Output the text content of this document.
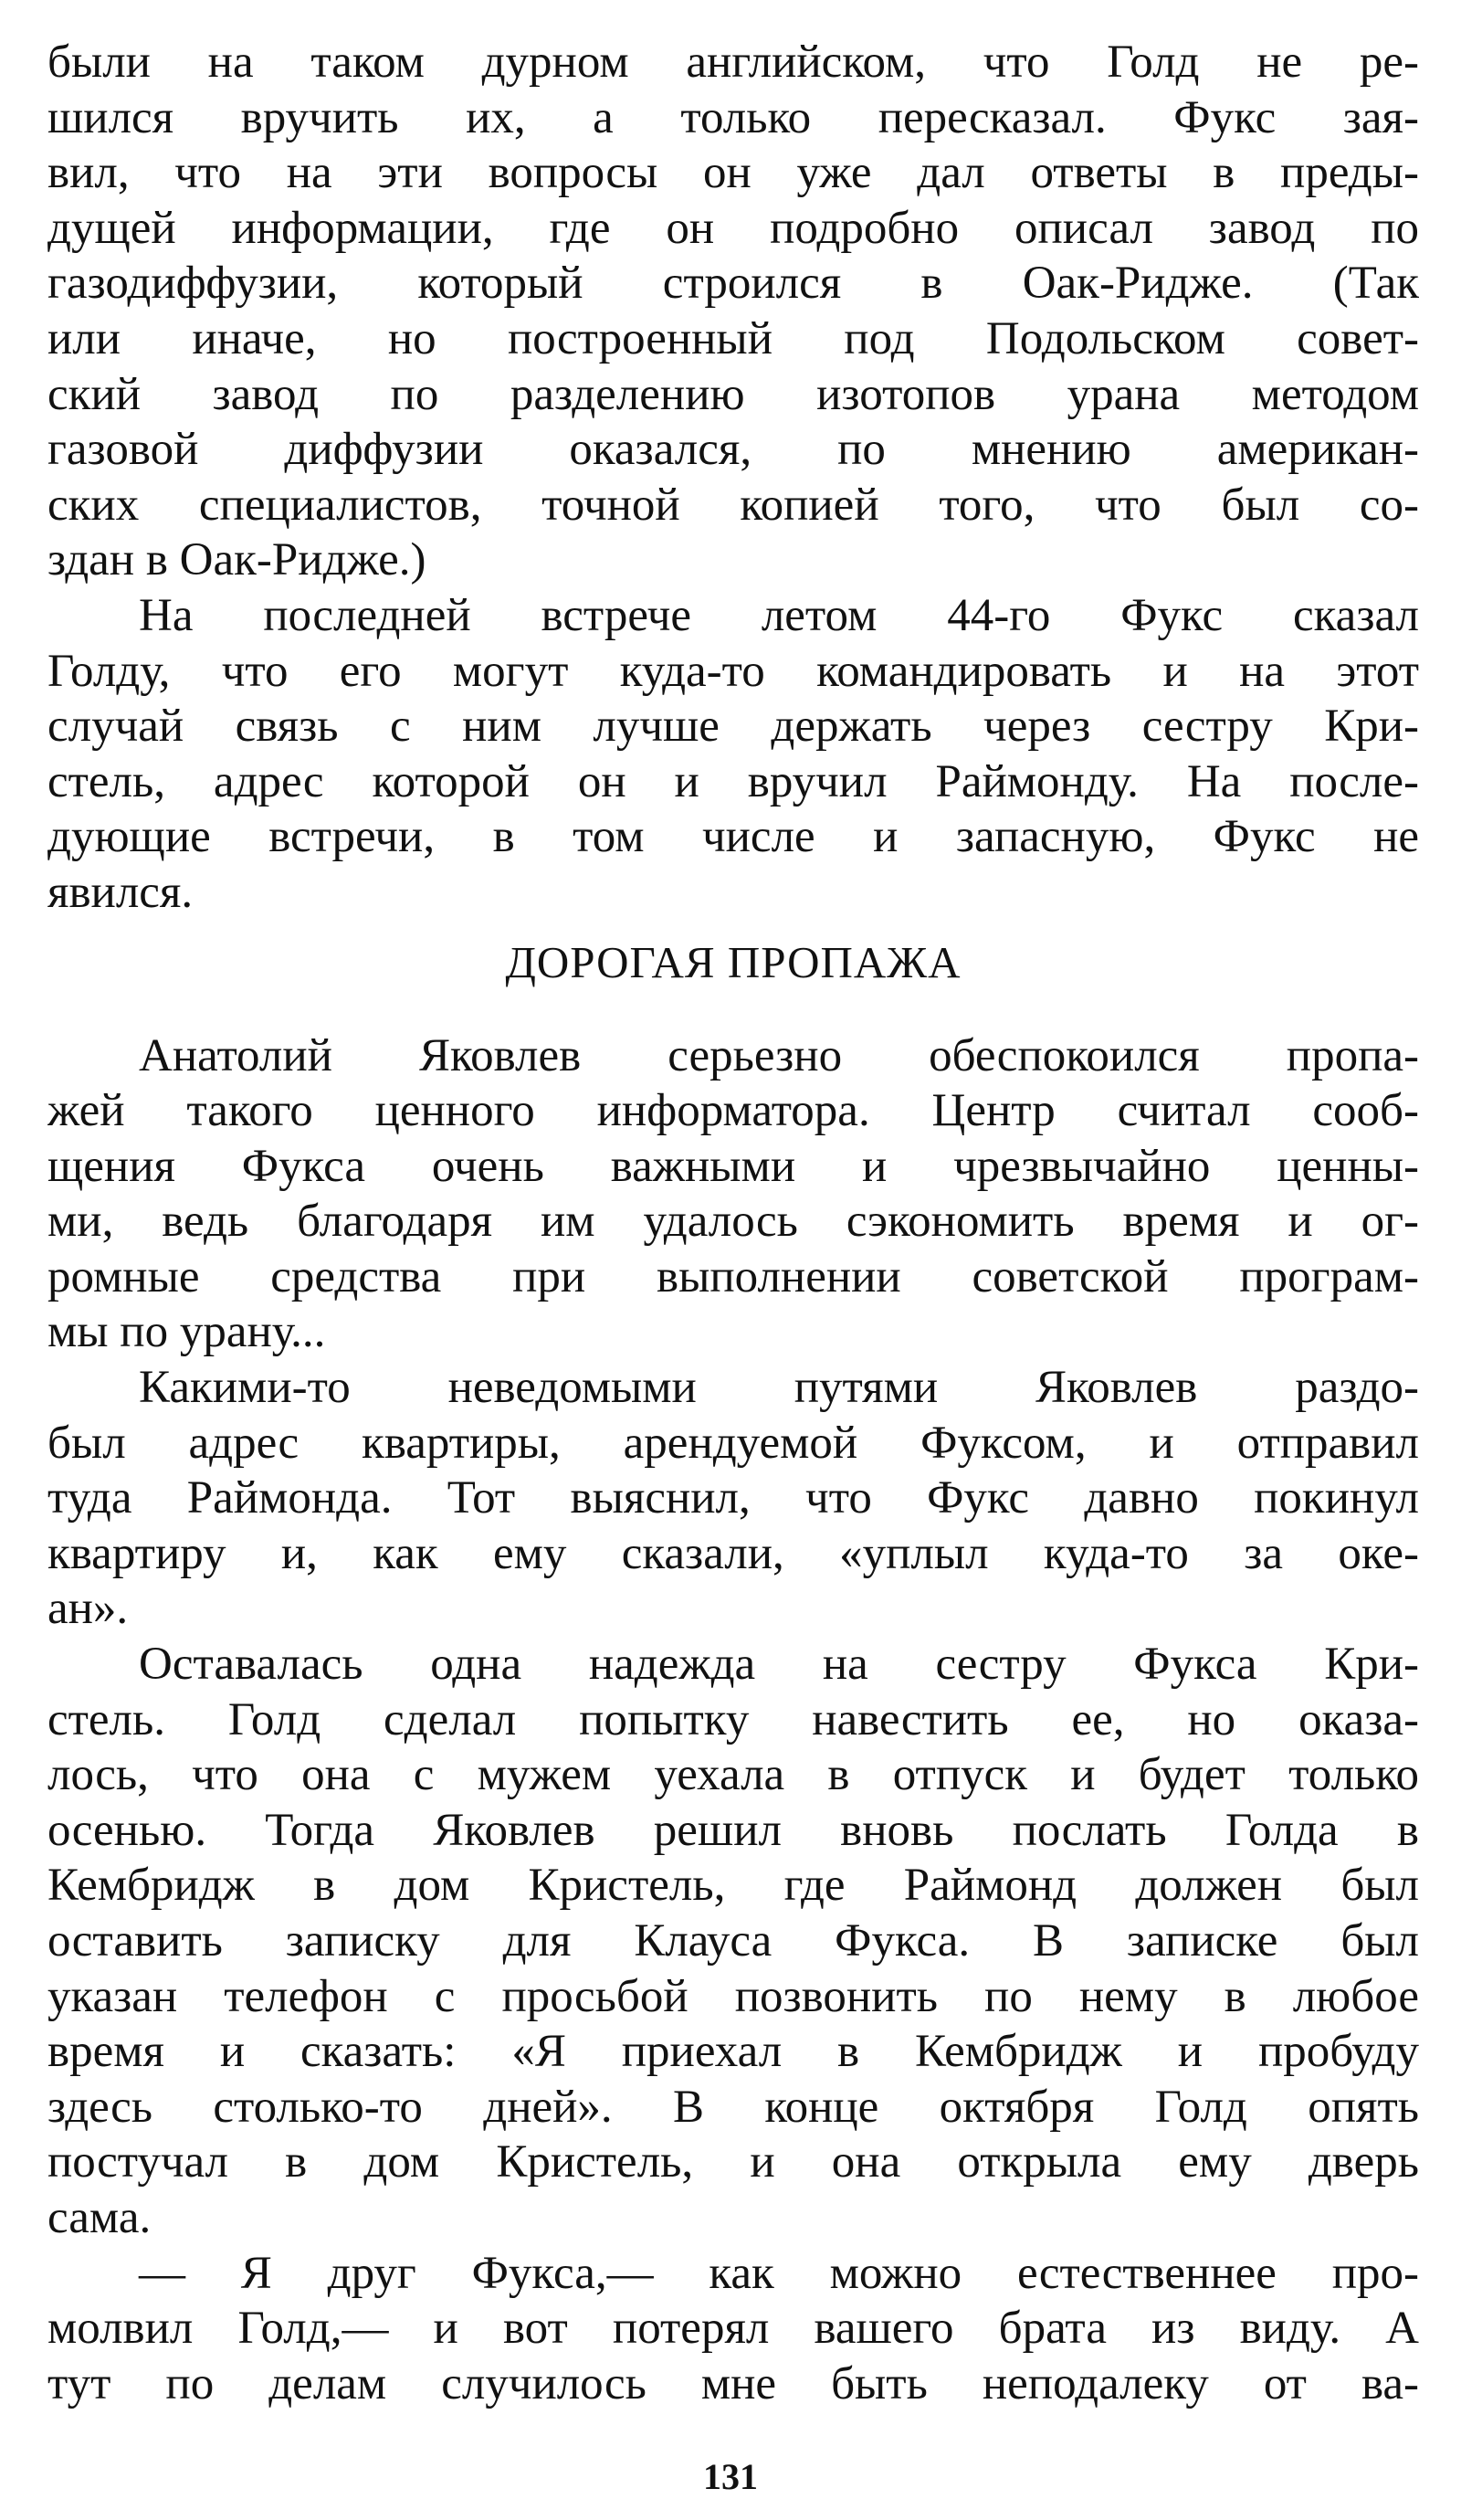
были на таком дурном английском, что Голд не ре-
шился вручить их, а только пересказал. Фукс зая-
вил, что на эти вопросы он уже дал ответы в преды-
дущей информации, где он подробно описал завод по
газодиффузии, который строился в Оак-Ридже. (Так
или иначе, но построенный под Подольском совет-
ский завод по разделению изотопов урана методом
газовой диффузии оказался, по мнению американ-
ских специалистов, точной копией того, что был со-
здан в Оак-Ридже.)
На последней встрече летом 44-го Фукс сказал
Голду, что его могут куда-то командировать и на этот
случай связь с ним лучше держать через сестру Кри-
стель, адрес которой он и вручил Раймонду. На после-
дующие встречи, в том числе и запасную, Фукс не
явился.
ДОРОГАЯ ПРОПАЖА
Анатолий Яковлев серьезно обеспокоился пропа-
жей такого ценного информатора. Центр считал сооб-
щения Фукса очень важными и чрезвычайно ценны-
ми, ведь благодаря им удалось сэкономить время и ог-
ромные средства при выполнении советской програм-
мы по урану...
Какими-то неведомыми путями Яковлев раздо-
был адрес квартиры, арендуемой Фуксом, и отправил
туда Раймонда. Тот выяснил, что Фукс давно покинул
квартиру и, как ему сказали, «уплыл куда-то за оке-
ан».
Оставалась одна надежда на сестру Фукса Кри-
стель. Голд сделал попытку навестить ее, но оказа-
лось, что она с мужем уехала в отпуск и будет только
осенью. Тогда Яковлев решил вновь послать Голда в
Кембридж в дом Кристель, где Раймонд должен был
оставить записку для Клауса Фукса. В записке был
указан телефон с просьбой позвонить по нему в любое
время и сказать: «Я приехал в Кембридж и пробуду
здесь столько-то дней». В конце октября Голд опять
постучал в дом Кристель, и она открыла ему дверь
сама.
— Я друг Фукса,— как можно естественнее про-
молвил Голд,— и вот потерял вашего брата из виду. А
тут по делам случилось мне быть неподалеку от ва-
131
